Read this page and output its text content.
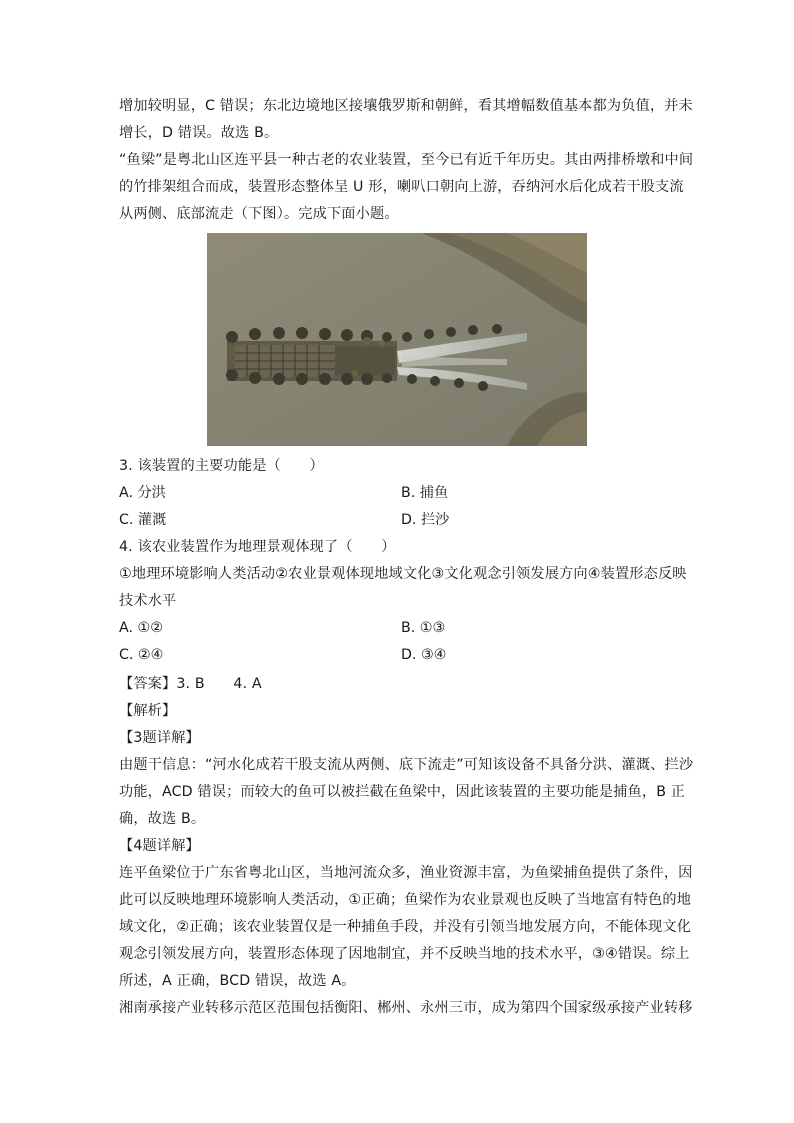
增加较明显，C 错误；东北边境地区接壤俄罗斯和朝鲜，看其增幅数值基本都为负值，并未
增长，D 错误。故选 B。
“鱼梁”是粤北山区连平县一种古老的农业装置，至今已有近千年历史。其由两排桥墩和中间
的竹排架组合而成，装置形态整体呈 U 形，喇叭口朝向上游，吞纳河水后化成若干股支流
从两侧、底部流走（下图）。完成下面小题。
3. 该装置的主要功能是（　　）
A. 分洪	B. 捕鱼
C. 灌溉	D. 拦沙
4. 该农业装置作为地理景观体现了（　　）
①地理环境影响人类活动②农业景观体现地域文化③文化观念引领发展方向④装置形态反映
技术水平
A. ①②	B. ①③
C. ②④	D. ③④
【答案】3. B　　4. A
【解析】
【3题详解】
由题干信息：“河水化成若干股支流从两侧、底下流走”可知该设备不具备分洪、灌溉、拦沙
功能，ACD 错误；而较大的鱼可以被拦截在鱼梁中，因此该装置的主要功能是捕鱼，B 正
确，故选 B。
【4题详解】
连平鱼梁位于广东省粤北山区，当地河流众多，渔业资源丰富，为鱼梁捕鱼提供了条件，因
此可以反映地理环境影响人类活动，①正确；鱼梁作为农业景观也反映了当地富有特色的地
域文化，②正确；该农业装置仅是一种捕鱼手段，并没有引领当地发展方向，不能体现文化
观念引领发展方向，装置形态体现了因地制宜，并不反映当地的技术水平，③④错误。综上
所述，A 正确，BCD 错误，故选 A。
湘南承接产业转移示范区范围包括衡阳、郴州、永州三市，成为第四个国家级承接产业转移
